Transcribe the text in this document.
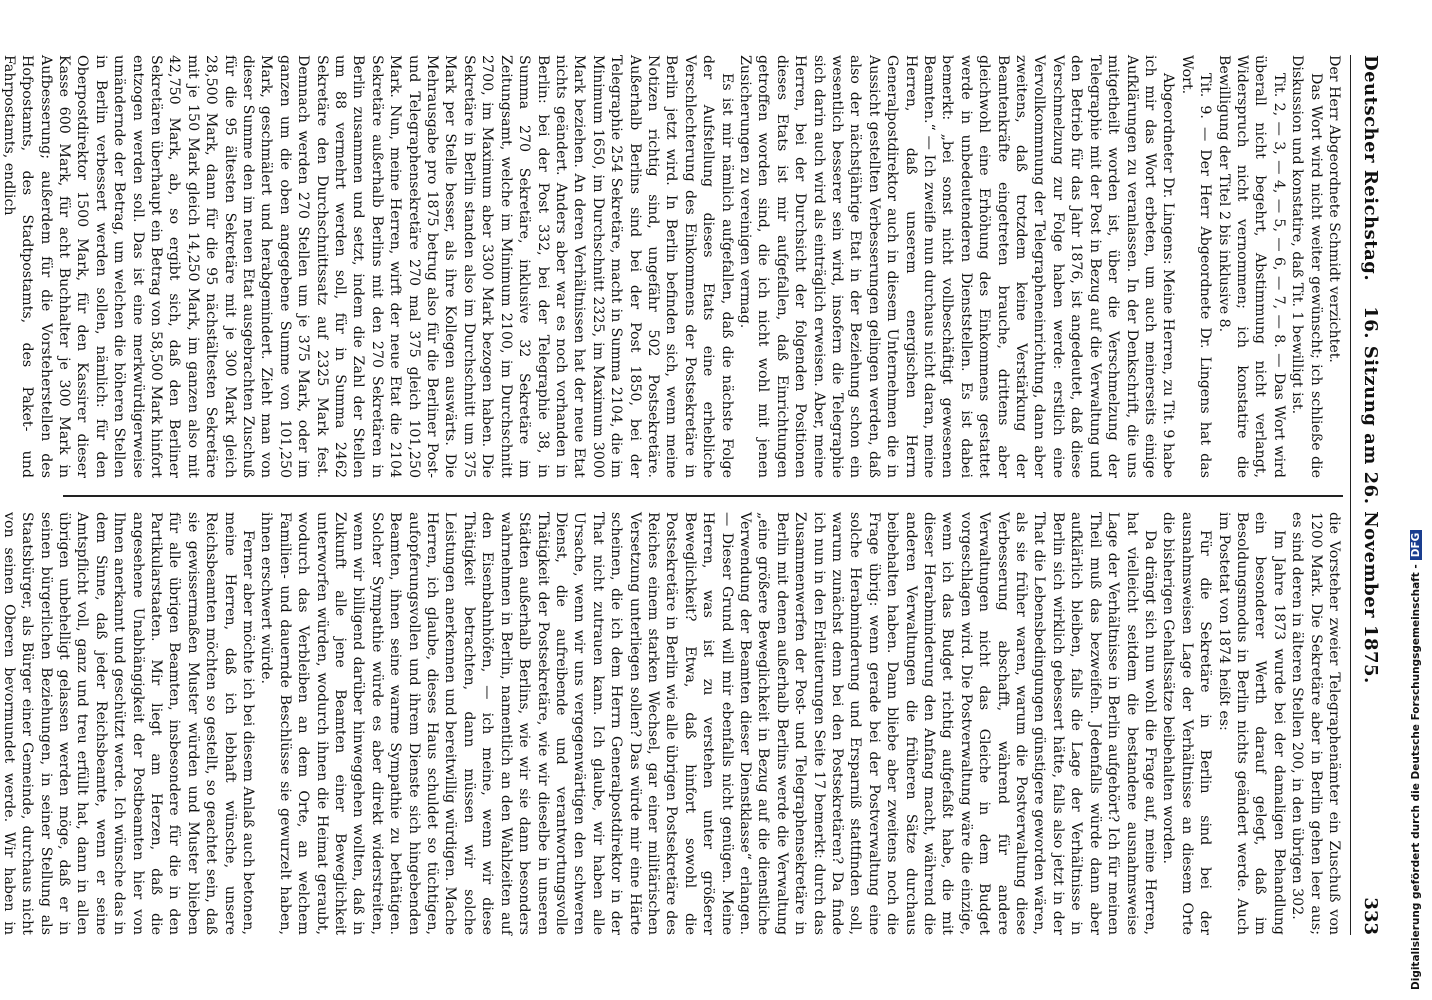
Deutscher Reichstag.
16. Sitzung am 26. November 1875.
333

Der Herr Abgeordnete Schmidt verzichtet.

Das Wort wird nicht weiter gewünscht; ich schließe die Diskussion und konstatire, daß Tit. 1 bewilligt ist.

Tit. 2, — 3, — 4, — 5, — 6, — 7, — 8. — Das Wort wird überall nicht begehrt, Abstimmung nicht verlangt, Widerspruch nicht vernommen; ich konstatire die Bewilligung der Titel 2 bis inklusive 8.

Tit. 9. — Der Herr Abgeordnete Dr. Lingens hat das Wort.

Abgeordneter Dr. Lingens: Meine Herren, zu Tit. 9 habe ich mir das Wort erbeten, um auch meinerseits einige Aufklärungen zu veranlassen. In der Denkschrift, die uns mitgetheilt worden ist, über die Verschmelzung der Telegraphie mit der Post in Bezug auf die Verwaltung und den Betrieb für das Jahr 1876, ist angedeutet, daß diese Verschmelzung zur Folge haben werde: erstlich eine Vervollkommnung der Telegrapheneinrichtung, dann aber zweitens, daß trotzdem keine Verstärkung der Beamtenkräfte eingetreten brauche, drittens aber gleichwohl eine Erhöhung des Einkommens gestattet werde in unbedeutenderen Dienststellen. Es ist dabei bemerkt: „bei sonst nicht vollbeschäftigt gewesenen Beamten.“ — Ich zweifle nun durchaus nicht daran, meine Herren, daß unserem energischen Herrn Generalpostdirektor auch in diesem Unternehmen die in Aussicht gestellten Verbesserungen gelingen werden, daß also der nächstjährige Etat in der Beziehung schon ein wesentlich besserer sein wird, insofern die Telegraphie sich darin auch wird als einträglich erweisen. Aber, meine Herren, bei der Durchsicht der folgenden Positionen dieses Etats ist mir aufgefallen, daß Einrichtungen getroffen worden sind, die ich nicht wohl mit jenen Zusicherungen zu vereinigen vermag.

Es ist mir nämlich aufgefallen, daß die nächste Folge der Aufstellung dieses Etats eine erhebliche Verschlechterung des Einkommens der Postsekretäre in Berlin jetzt wird. In Berlin befinden sich, wenn meine Notizen richtig sind, ungefähr 502 Postsekretäre. Außerhalb Berlins sind bei der Post 1850, bei der Telegraphie 254 Sekretäre, macht in Summa 2104, die im Minimum 1650, im Durchschnitt 2325, im Maximum 3000 Mark beziehen. An deren Verhältnissen hat der neue Etat nichts geändert. Anders aber war es noch vorhanden in Berlin: bei der Post 332, bei der Telegraphie 38, in Summa 270 Sekretäre, inklusive 32 Sekretäre im Zeitungsamt, welche im Minimum 2100, im Durchschnitt 2700, im Maximum aber 3300 Mark bezogen haben. Die Sekretäre in Berlin standen also im Durchschnitt um 375 Mark per Stelle besser, als ihre Kollegen auswärts. Die Mehrausgabe pro 1875 betrug also für die Berliner Post- und Telegraphensekretäre 270 mal 375 gleich 101,250 Mark. Nun, meine Herren, wirft der neue Etat die 2104 Sekretäre außerhalb Berlins mit den 270 Sekretären in Berlin zusammen und setzt, indem die Zahl der Stellen um 88 vermehrt werden soll, für in Summa 2462 Sekretäre den Durchschnittssatz auf 2325 Mark fest. Demnach werden 270 Stellen um je 375 Mark, oder im ganzen um die oben angegebene Summe von 101,250 Mark, geschmälert und herabgemindert. Zieht man von dieser Summe den im neuen Etat ausgebrachten Zuschuß für die 95 ältesten Sekretäre mit je 300 Mark gleich 28,500 Mark, dann für die 95 nächstältesten Sekretäre mit je 150 Mark gleich 14,250 Mark, im ganzen also mit 42,750 Mark, ab, so ergibt sich, daß den Berliner Sekretären überhaupt ein Betrag von 58,500 Mark hinfort entzogen werden soll. Das ist eine merkwürdigerweise umändernde der Betrag, um welchen die höheren Stellen in Berlin verbessert werden sollen, nämlich: für den Oberpostdirektor 1500 Mark, für den Kassirer dieser Kasse 600 Mark, für acht Buchhalter je 300 Mark in Aufbesserung; außerdem für die Vorsteherstellen des Hofpostamts, des Stadtpostamts, des Paket- und Fahrpostamts, endlich

die Vorsteher zweier Telegraphenämter ein Zuschuß von 1200 Mark. Die Sekretäre aber in Berlin gehen leer aus; es sind deren in älteren Stellen 200, in den übrigen 302.

Im Jahre 1873 wurde bei der damaligen Behandlung ein besonderer Werth darauf gelegt, daß im Besoldungsmodus in Berlin nichts geändert werde. Auch im Postetat von 1874 heißt es:

Für die Sekretäre in Berlin sind bei der ausnahmsweisen Lage der Verhältnisse an diesem Orte die bisherigen Gehaltssätze beibehalten worden.

Da drängt sich nun wohl die Frage auf, meine Herren, hat vielleicht seitdem die bestandene ausnahmsweise Lage der Verhältnisse in Berlin aufgehört? Ich für meinen Theil muß das bezweifeln. Jedenfalls würde dann aber aufklärlich bleiben, falls die Lage der Verhältnisse in Berlin sich wirklich gebessert hätte, falls also jetzt in der That die Lebensbedingungen günstigere geworden wären, als sie früher waren, warum die Postverwaltung diese Verbesserung abschafft, während für andere Verwaltungen nicht das Gleiche in dem Budget vorgeschlagen wird. Die Postverwaltung wäre die einzige, wenn ich das Budget richtig aufgefaßt habe, die mit dieser Herabminderung den Anfang macht, während die anderen Verwaltungen die früheren Sätze durchaus beibehalten haben. Dann bliebe aber zweitens noch die Frage übrig: wenn gerade bei der Postverwaltung eine solche Herabminderung und Ersparniß stattfinden soll, warum zunächst denn bei den Postsekretären? Da finde ich nun in den Erläuterungen Seite 17 bemerkt: durch das Zusammenwerfen der Post- und Telegraphensekretäre in Berlin mit denen außerhalb Berlins werde die Verwaltung „eine größere Beweglichkeit in Bezug auf die dienstliche Verwendung der Beamten dieser Dienstklasse“ erlangen. — Dieser Grund will mir ebenfalls nicht genügen. Meine Herren, was ist zu verstehen unter größerer Beweglichkeit? Etwa, daß hinfort sowohl die Postsekretäre in Berlin wie alle übrigen Postsekretäre des Reiches einem starken Wechsel, gar einer militärischen Versetzung unterliegen sollen? Das würde mir eine Härte scheinen, die ich dem Herrn Generalpostdirektor in der That nicht zutrauen kann. Ich glaube, wir haben alle Ursache, wenn wir uns vergegenwärtigen den schweren Dienst, die aufreibende und verantwortungsvolle Thätigkeit der Postsekretäre, wie wir dieselbe in unseren Städten außerhalb Berlins, wie wir sie dann besonders wahrnehmen in Berlin, namentlich an den Wahlzeiten auf den Eisenbahnhöfen, — ich meine, wenn wir diese Thätigkeit betrachten, dann müssen wir solche Leistungen anerkennen und bereitwillig würdigen. Mache Herren, ich glaube, dieses Haus schuldet so tüchtigen, aufopferungsvollen und ihrem Dienste sich hingebenden Beamten, ihnen seine warme Sympathie zu bethätigen. Solcher Sympathie würde es aber direkt widerstreiten, wenn wir billigend darüber hinweggehen wollten, daß in Zukunft alle jene Beamten einer Beweglichkeit unterworfen würden, wodurch ihnen die Heimat geraubt, wodurch das Verbleiben an dem Orte, an welchem Familien- und dauernde Beschlüsse sie gewurzelt haben, ihnen erschwert würde.

Ferner aber möchte ich bei diesem Anlaß auch betonen, meine Herren, daß ich lebhaft wünsche, unsere Reichsbeamten möchten so gestellt, so geachtet sein, daß sie gewissermaßen Muster würden und Muster blieben für alle übrigen Beamten, insbesondere für die in den Partikularstaaten. Mir liegt am Herzen, daß die angesehene Unabhängigkeit der Postbeamten hier von Ihnen anerkannt und geschützt werde. Ich wünsche das in dem Sinne, daß jeder Reichsbeamte, wenn er seine Amtspflicht voll, ganz und treu erfüllt hat, dann in allen übrigen unbehelligt gelassen werden möge, daß er in seinen bürgerlichen Beziehungen, in seiner Stellung als Staatsbürger, als Bürger einer Gemeinde, durchaus nicht von seinen Oberen bevormundet werde. Wir haben in	Digitalisierung gefördert durch die Deutsche Forschungsgemeinschaft -DFG
